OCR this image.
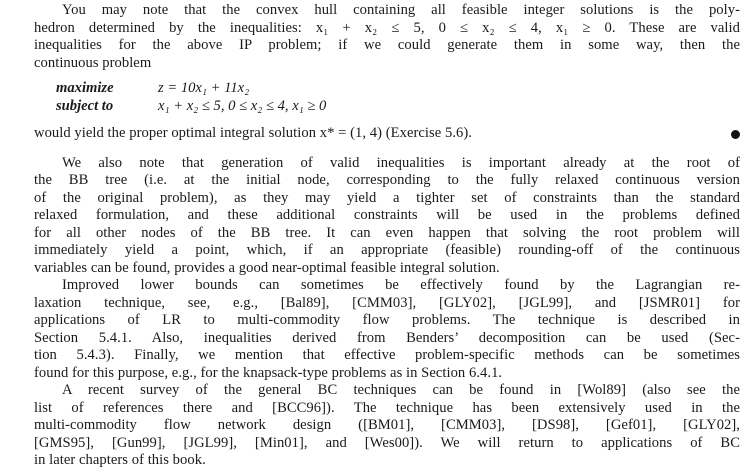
You may note that the convex hull containing all feasible integer solutions is the poly-
hedron determined by the inequalities: x₁ + x₂ ≤ 5, 0 ≤ x₂ ≤ 4, x₁ ≥ 0. These are valid
inequalities for the above IP problem; if we could generate them in some way, then the
continuous problem
maximize	z = 10x₁ + 11x₂
subject to	x₁ + x₂ ≤ 5, 0 ≤ x₂ ≤ 4, x₁ ≥ 0
would yield the proper optimal integral solution x* = (1, 4) (Exercise 5.6).
We also note that generation of valid inequalities is important already at the root of
the BB tree (i.e. at the initial node, corresponding to the fully relaxed continuous version
of the original problem), as they may yield a tighter set of constraints than the standard
relaxed formulation, and these additional constraints will be used in the problems defined
for all other nodes of the BB tree. It can even happen that solving the root problem will
immediately yield a point, which, if an appropriate (feasible) rounding-off of the continuous
variables can be found, provides a good near-optimal feasible integral solution.
Improved lower bounds can sometimes be effectively found by the Lagrangian re-
laxation technique, see, e.g., [Bal89], [CMM03], [GLY02], [JGL99], and [JSMR01] for
applications of LR to multi-commodity flow problems. The technique is described in
Section 5.4.1. Also, inequalities derived from Benders’ decomposition can be used (Sec-
tion 5.4.3). Finally, we mention that effective problem-specific methods can be sometimes
found for this purpose, e.g., for the knapsack-type problems as in Section 6.4.1.
A recent survey of the general BC techniques can be found in [Wol89] (also see the
list of references there and [BCC96]). The technique has been extensively used in the
multi-commodity flow network design ([BM01], [CMM03], [DS98], [Gef01], [GLY02],
[GMS95], [Gun99], [JGL99], [Min01], and [Wes00]). We will return to applications of BC
in later chapters of this book.
